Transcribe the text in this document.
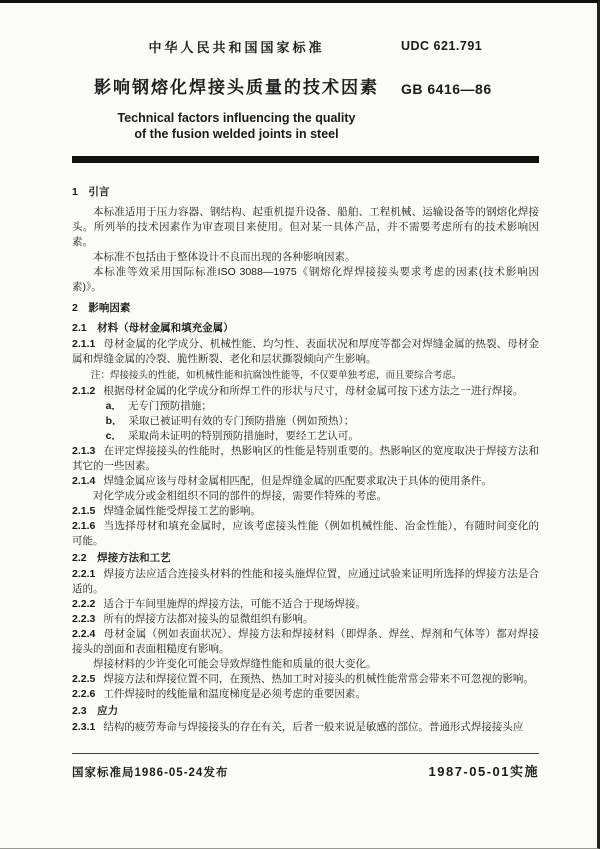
中华人民共和国国家标准
影响钢熔化焊接头质量的技术因素
Technical factors influencing the quality
of the fusion welded joints in steel
UDC 621.791
GB 6416—86
1　引言
本标准适用于压力容器、钢结构、起重机提升设备、船舶、工程机械、运输设备等的钢熔化焊接头。所列举的技术因素作为审查项目来使用。但对某一具体产品，并不需要考虑所有的技术影响因素。
本标准不包括由于整体设计不良而出现的各种影响因素。
本标准等效采用国际标准ISO 3088—1975《钢熔化焊焊接接头要求考虑的因素(技术影响因素)》。
2　影响因素
2.1　材料（母材金属和填充金属）
2.1.1 母材金属的化学成分、机械性能、均匀性、表面状况和厚度等都会对焊缝金属的热裂、母材金属和焊缝金属的冷裂、脆性断裂、老化和层状撕裂倾向产生影响。
注：焊接接头的性能，如机械性能和抗腐蚀性能等，不仅要单独考虑，而且要综合考虑。
2.1.2 根据母材金属的化学成分和所焊工件的形状与尺寸，母材金属可按下述方法之一进行焊接。
a． 无专门预防措施；
b． 采取已被证明有效的专门预防措施（例如预热）；
c． 采取尚未证明的特别预防措施时，要经工艺认可。
2.1.3 在评定焊接接头的性能时，热影响区的性能是特别重要的。热影响区的宽度取决于焊接方法和其它的一些因素。
2.1.4 焊缝金属应该与母材金属相匹配，但是焊缝金属的匹配要求取决于具体的使用条件。
对化学成分或金相组织不同的部件的焊接，需要作特殊的考虑。
2.1.5 焊缝金属性能受焊接工艺的影响。
2.1.6 当选择母材和填充金属时，应该考虑接头性能（例如机械性能、冶金性能），有随时间变化的可能。
2.2　焊接方法和工艺
2.2.1 焊接方法应适合连接头材料的性能和接头施焊位置，应通过试验来证明所选择的焊接方法是合适的。
2.2.2 适合于车间里施焊的焊接方法，可能不适合于现场焊接。
2.2.3 所有的焊接方法都对接头的显微组织有影响。
2.2.4 母材金属（例如表面状况）、焊接方法和焊接材料（即焊条、焊丝、焊剂和气体等）都对焊接接头的剖面和表面粗糙度有影响。
焊接材料的少许变化可能会导致焊缝性能和质量的很大变化。
2.2.5 焊接方法和焊接位置不同，在预热、热加工时对接头的机械性能常常会带来不可忽视的影响。
2.2.6 工件焊接时的线能量和温度梯度是必须考虑的重要因素。
2.3　应力
2.3.1 结构的疲劳寿命与焊接接头的存在有关，后者一般来说是敏感的部位。普通形式焊接接头应
国家标准局1986-05-24发布	1987-05-01实施
